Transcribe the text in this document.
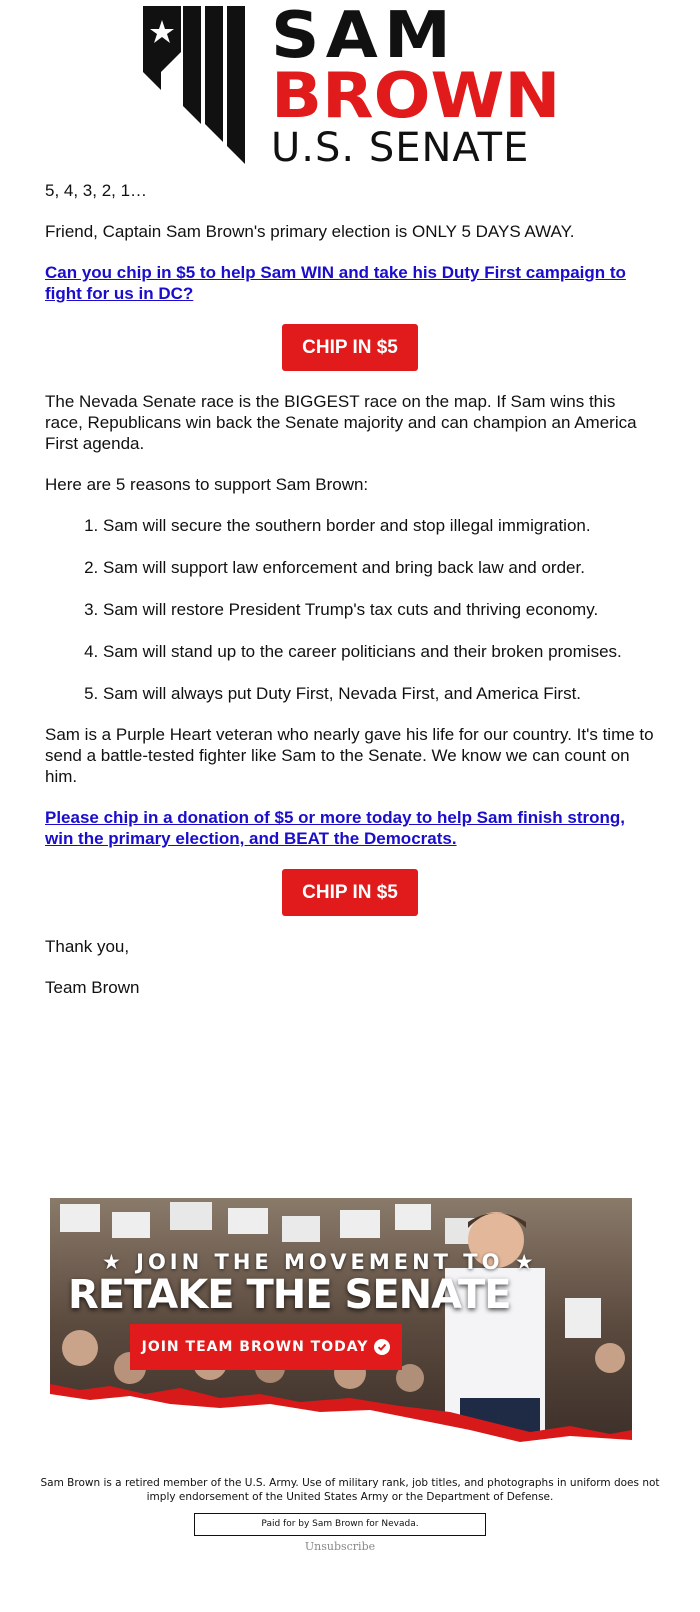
SAM
BROWN
U.S. SENATE

5, 4, 3, 2, 1…

Friend, Captain Sam Brown's primary election is ONLY 5 DAYS AWAY.

Can you chip in $5 to help Sam WIN and take his Duty First campaign to fight for us in DC?

CHIP IN $5

The Nevada Senate race is the BIGGEST race on the map. If Sam wins this race, Republicans win back the Senate majority and can champion an America First agenda.

Here are 5 reasons to support Sam Brown:

1. Sam will secure the southern border and stop illegal immigration.
2. Sam will support law enforcement and bring back law and order.
3. Sam will restore President Trump's tax cuts and thriving economy.
4. Sam will stand up to the career politicians and their broken promises.
5. Sam will always put Duty First, Nevada First, and America First.

Sam is a Purple Heart veteran who nearly gave his life for our country. It's time to send a battle-tested fighter like Sam to the Senate. We know we can count on him.

Please chip in a donation of $5 or more today to help Sam finish strong, win the primary election, and BEAT the Democrats.

CHIP IN $5

Thank you,

Team Brown

★ JOIN THE MOVEMENT TO ★
RETAKE THE SENATE
JOIN TEAM BROWN TODAY
Sam Brown is a retired member of the U.S. Army. Use of military rank, job titles, and photographs in uniform does not imply endorsement of the United States Army or the Department of Defense.
Paid for by Sam Brown for Nevada.
Unsubscribe
